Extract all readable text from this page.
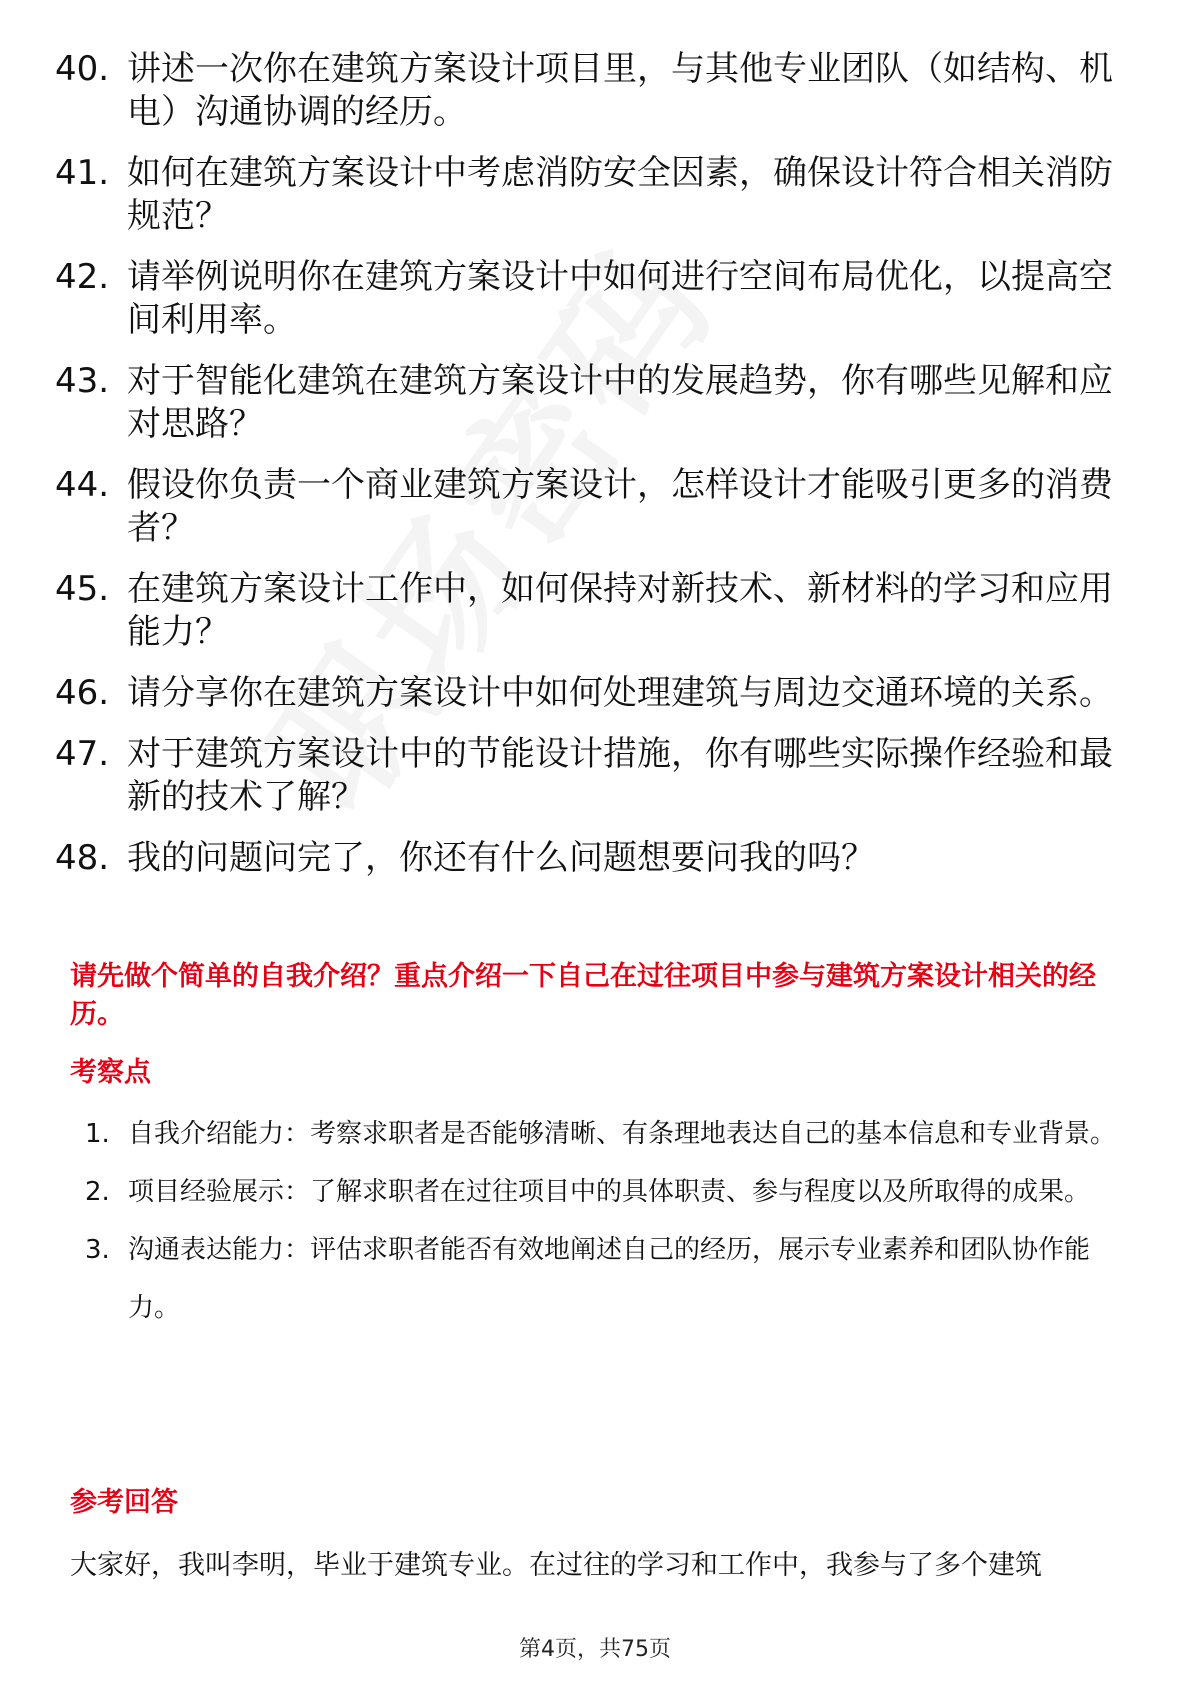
40. 讲述一次你在建筑方案设计项目里，与其他专业团队（如结构、机电）沟通协调的经历。
41. 如何在建筑方案设计中考虑消防安全因素，确保设计符合相关消防规范？
42. 请举例说明你在建筑方案设计中如何进行空间布局优化，以提高空间利用率。
43. 对于智能化建筑在建筑方案设计中的发展趋势，你有哪些见解和应对思路？
44. 假设你负责一个商业建筑方案设计，怎样设计才能吸引更多的消费者？
45. 在建筑方案设计工作中，如何保持对新技术、新材料的学习和应用能力？
46. 请分享你在建筑方案设计中如何处理建筑与周边交通环境的关系。
47. 对于建筑方案设计中的节能设计措施，你有哪些实际操作经验和最新的技术了解？
48. 我的问题问完了，你还有什么问题想要问我的吗？
请先做个简单的自我介绍？重点介绍一下自己在过往项目中参与建筑方案设计相关的经历。
考察点
1. 自我介绍能力：考察求职者是否能够清晰、有条理地表达自己的基本信息和专业背景。
2. 项目经验展示：了解求职者在过往项目中的具体职责、参与程度以及所取得的成果。
3. 沟通表达能力：评估求职者能否有效地阐述自己的经历，展示专业素养和团队协作能力。
参考回答
大家好，我叫李明，毕业于建筑专业。在过往的学习和工作中，我参与了多个建筑
第4页，共75页
